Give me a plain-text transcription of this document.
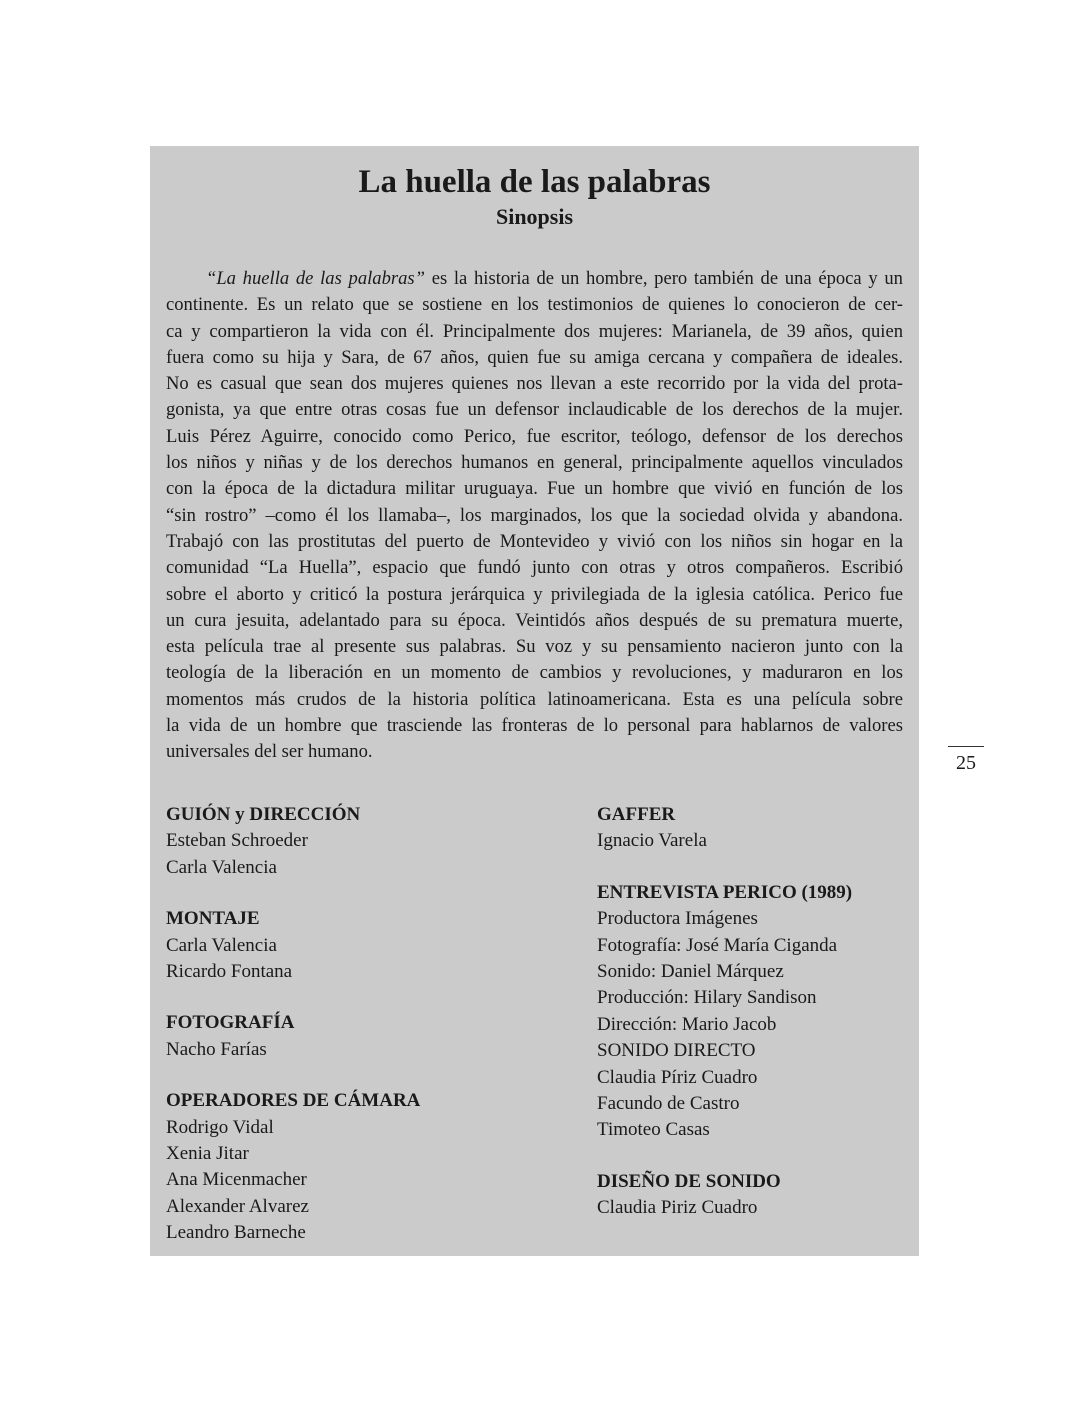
La huella de las palabras
Sinopsis
“La huella de las palabras” es la historia de un hombre, pero también de una época y un
continente. Es un relato que se sostiene en los testimonios de quienes lo conocieron de cer-
ca y compartieron la vida con él. Principalmente dos mujeres: Marianela, de 39 años, quien
fuera como su hija y Sara, de 67 años, quien fue su amiga cercana y compañera de ideales.
No es casual que sean dos mujeres quienes nos llevan a este recorrido por la vida del prota-
gonista, ya que entre otras cosas fue un defensor inclaudicable de los derechos de la mujer.
Luis Pérez Aguirre, conocido como Perico, fue escritor, teólogo, defensor de los derechos
los niños y niñas y de los derechos humanos en general, principalmente aquellos vinculados
con la época de la dictadura militar uruguaya. Fue un hombre que vivió en función de los
“sin rostro” –como él los llamaba–, los marginados, los que la sociedad olvida y abandona.
Trabajó con las prostitutas del puerto de Montevideo y vivió con los niños sin hogar en la
comunidad “La Huella”, espacio que fundó junto con otras y otros compañeros. Escribió
sobre el aborto y criticó la postura jerárquica y privilegiada de la iglesia católica. Perico fue
un cura jesuita, adelantado para su época. Veintidós años después de su prematura muerte,
esta película trae al presente sus palabras. Su voz y su pensamiento nacieron junto con la
teología de la liberación en un momento de cambios y revoluciones, y maduraron en los
momentos más crudos de la historia política latinoamericana. Esta es una película sobre
la vida de un hombre que trasciende las fronteras de lo personal para hablarnos de valores
universales del ser humano.
GUIÓN y DIRECCIÓN
Esteban Schroeder
Carla Valencia
MONTAJE
Carla Valencia
Ricardo Fontana
FOTOGRAFÍA
Nacho Farías
OPERADORES DE CÁMARA
Rodrigo Vidal
Xenia Jitar
Ana Micenmacher
Alexander Alvarez
Leandro Barneche
GAFFER
Ignacio Varela
ENTREVISTA PERICO (1989)
Productora Imágenes
Fotografía: José María Ciganda
Sonido: Daniel Márquez
Producción: Hilary Sandison
Dirección: Mario Jacob
SONIDO DIRECTO
Claudia Píriz Cuadro
Facundo de Castro
Timoteo Casas
DISEÑO DE SONIDO
Claudia Piriz Cuadro
25
